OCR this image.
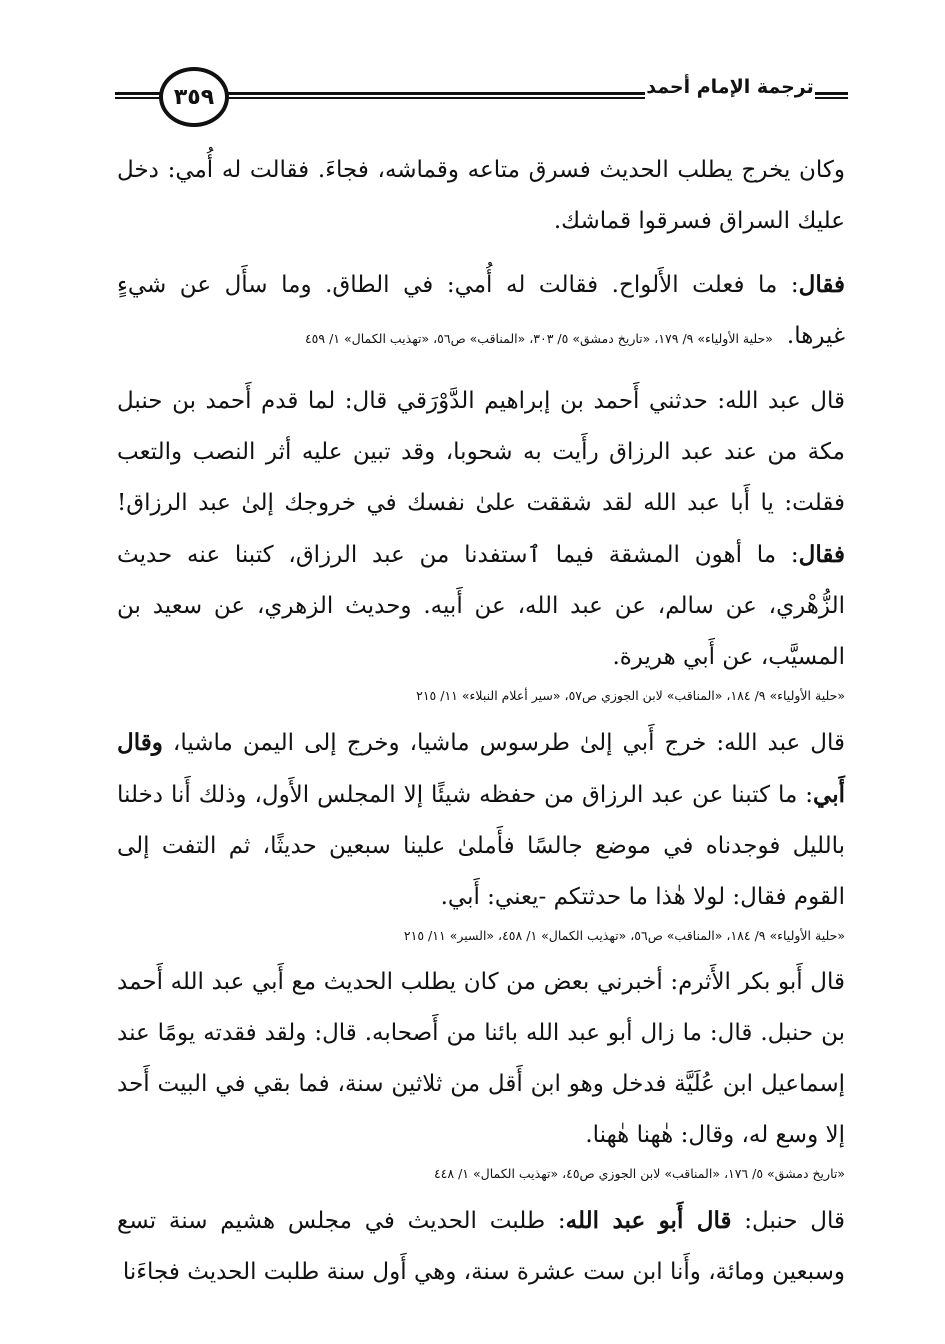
٣٥٩	ترجمة الإمام أحمد

وكان يخرج يطلب الحديث فسرق متاعه وقماشه، فجاءَ. فقالت له أُمي: دخل عليك السراق فسرقوا قماشك.

فقال: ما فعلت الأَلواح. فقالت له أُمي: في الطاق. وما سأَل عن شيءٍ غيرها.«حلية الأولياء» ٩/ ١٧٩، «تاريخ دمشق» ٥/ ٣٠٣، «المناقب» ص٥٦، «تهذيب الكمال» ١/ ٤٥٩

قال عبد الله: حدثني أَحمد بن إبراهيم الدَّوْرَقي قال: لما قدم أَحمد بن حنبل مكة من عند عبد الرزاق رأَيت به شحوبا، وقد تبين عليه أثر النصب والتعب فقلت: يا أَبا عبد الله لقد شققت علىٰ نفسك في خروجك إلىٰ عبد الرزاق! فقال: ما أهون المشقة فيما ٱستفدنا من عبد الرزاق، كتبنا عنه حديث الزُّهْري، عن سالم، عن عبد الله، عن أَبيه. وحديث الزهري، عن سعيد بن المسيَّب، عن أَبي هريرة.

«حلية الأولياء» ٩/ ١٨٤، «المناقب» لابن الجوزي ص٥٧، «سير أعلام النبلاء» ١١/ ٢١٥

قال عبد الله: خرج أَبي إلىٰ طرسوس ماشيا، وخرج إلى اليمن ماشيا، وقال أَبي: ما كتبنا عن عبد الرزاق من حفظه شيئًا إلا المجلس الأَول، وذلك أَنا دخلنا بالليل فوجدناه في موضع جالسًا فأَملىٰ علينا سبعين حديثًا، ثم التفت إلى القوم فقال: لولا هٰذا ما حدثتكم -يعني: أَبي.

«حلية الأولياء» ٩/ ١٨٤، «المناقب» ص٥٦، «تهذيب الكمال» ١/ ٤٥٨، «السير» ١١/ ٢١٥

قال أَبو بكر الأَثرم: أخبرني بعض من كان يطلب الحديث مع أَبي عبد الله أَحمد بن حنبل. قال: ما زال أبو عبد الله بائنا من أَصحابه. قال: ولقد فقدته يومًا عند إسماعيل ابن عُلَيَّة فدخل وهو ابن أَقل من ثلاثين سنة، فما بقي في البيت أَحد إلا وسع له، وقال: هٰهنا هٰهنا.

«تاريخ دمشق» ٥/ ١٧٦، «المناقب» لابن الجوزي ص٤٥، «تهذيب الكمال» ١/ ٤٤٨

قال حنبل: قال أَبو عبد الله: طلبت الحديث في مجلس هشيم سنة تسع وسبعين ومائة، وأَنا ابن ست عشرة سنة، وهي أَول سنة طلبت الحديث فجاءَنا
